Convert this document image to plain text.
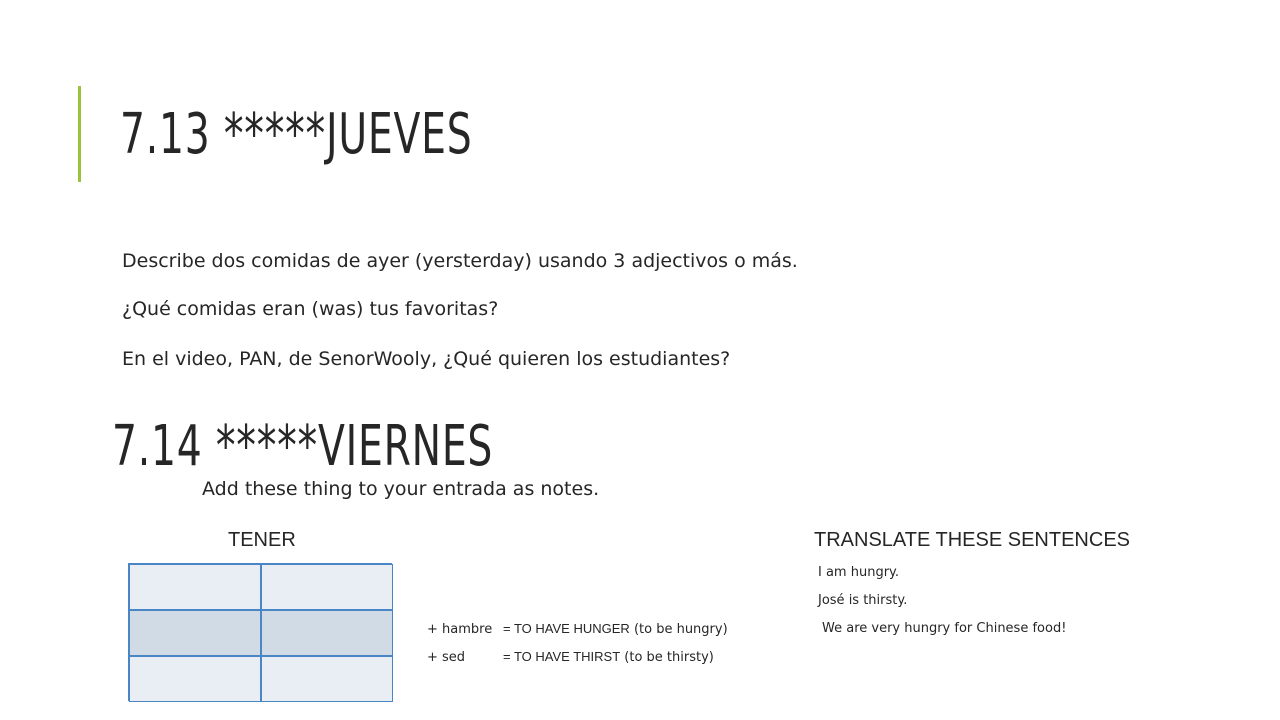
7.13 *****JUEVES

Describe dos comidas de ayer (yersterday) usando 3 adjectivos o más.

¿Qué comidas eran (was) tus favoritas?

En el video, PAN, de SenorWooly, ¿Qué quieren los estudiantes?

7.14 *****VIERNES

Add these thing to your entrada as notes.

TENER	TRANSLATE THESE SENTENCES
+ hambre = TO HAVE HUNGER (to be hungry)
+ sed	= TO HAVE THIRST (to be thirsty)
I am hungry.
José is thirsty.
We are very hungry for Chinese food!
